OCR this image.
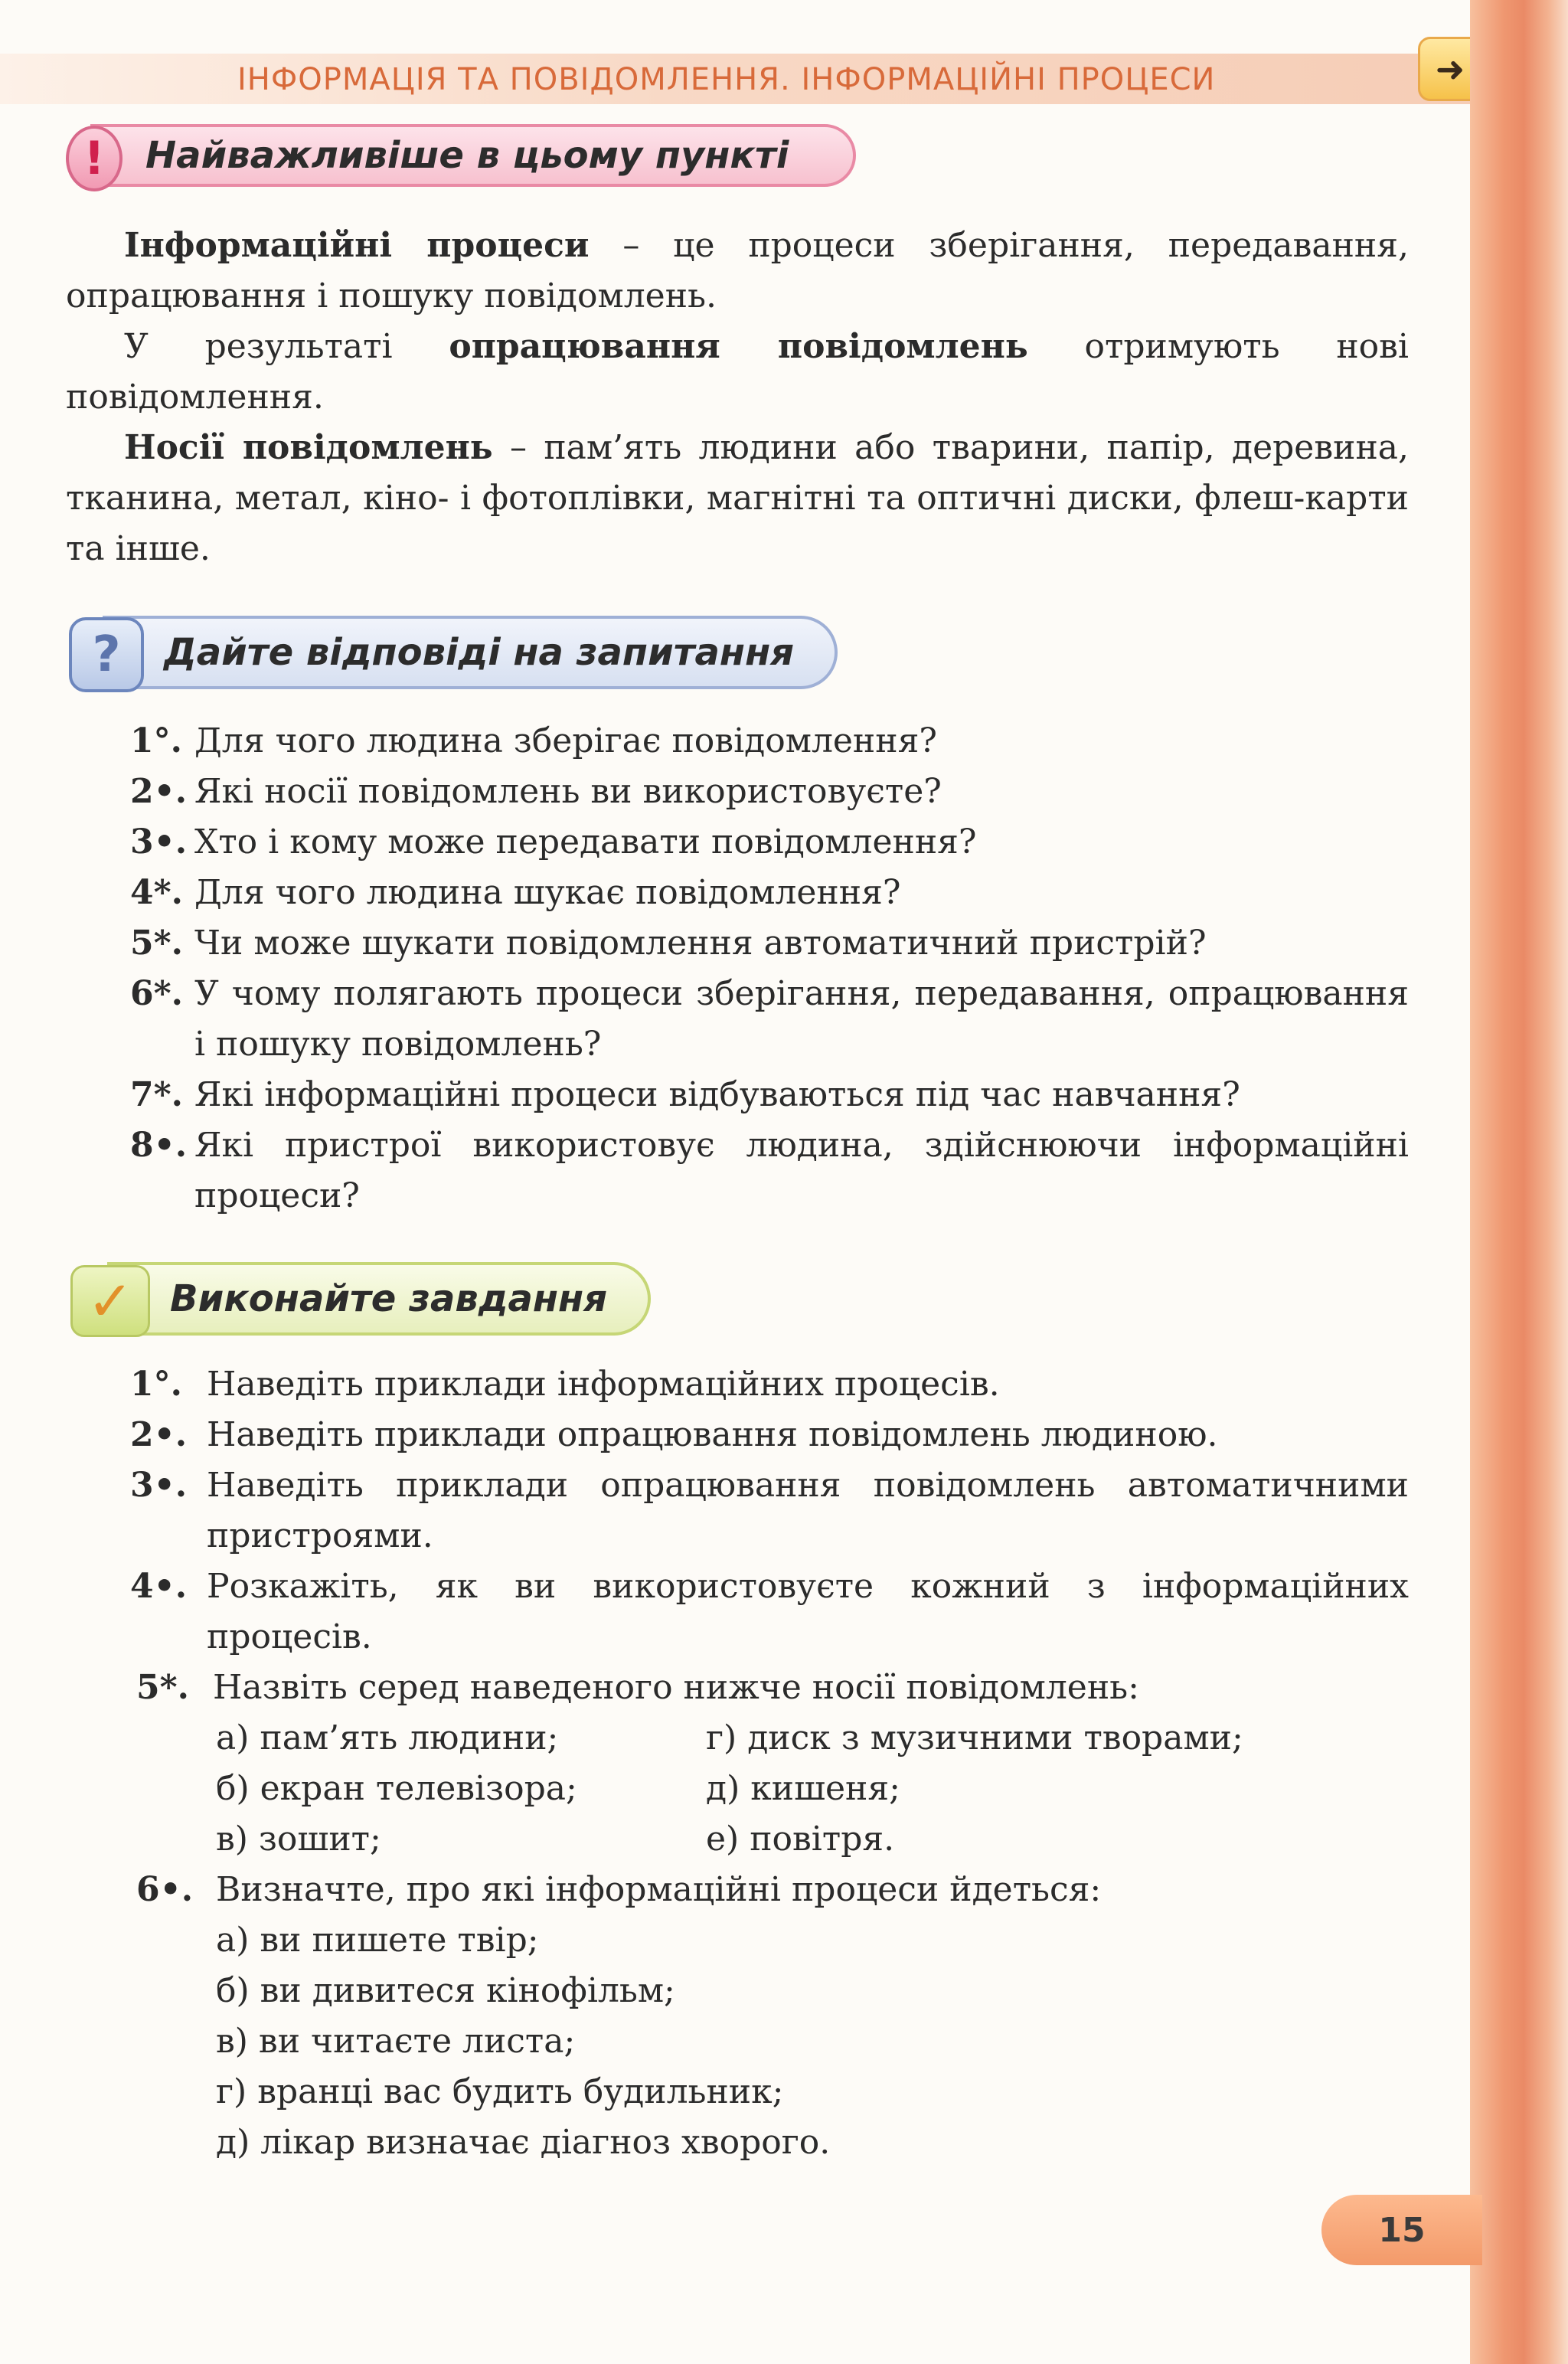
ІНФОРМАЦІЯ ТА ПОВІДОМЛЕННЯ. ІНФОРМАЦІЙНІ ПРОЦЕСИ	➜
!	Найважливіше в цьому пункті

Інформаційні процеси – це процеси зберігання, передавання, опрацювання і пошуку повідомлень.

У результаті опрацювання повідомлень отримують нові повідомлення.

Носії повідомлень – пам’ять людини або тварини, папір, деревина, тканина, метал, кіно- і фотоплівки, магнітні та оптичні диски, флеш-карти та інше.

?	Дайте відповіді на запитання
1°. Для чого людина зберігає повідомлення?
2•. Які носії повідомлень ви використовуєте?
3•. Хто і кому може передавати повідомлення?
4*. Для чого людина шукає повідомлення?
5*. Чи може шукати повідомлення автоматичний пристрій?
6*. У чому полягають процеси зберігання, передавання, опрацювання і пошуку повідомлень?

7*. Які інформаційні процеси відбуваються під час навчання?
8•. Які пристрої використовує людина, здійснюючи інформаційні процеси?

✓ Виконайте завдання
1°. Наведіть приклади інформаційних процесів.
2•. Наведіть приклади опрацювання повідомлень людиною.
3•. Наведіть приклади опрацювання повідомлень автоматичними пристроями.

4•. Розкажіть, як ви використовуєте кожний з інформаційних процесів.

5*. Назвіть серед наведеного нижче носії повідомлень:
а) пам’ять людини;	г) диск з музичними творами;
б) екран телевізора;	д) кишеня;
в) зошит;	е) повітря.
6•. Визначте, про які інформаційні процеси йдеться:
а) ви пишете твір;
б) ви дивитеся кінофільм;
в) ви читаєте листа;
г) вранці вас будить будильник;
д) лікар визначає діагноз хворого.
15
